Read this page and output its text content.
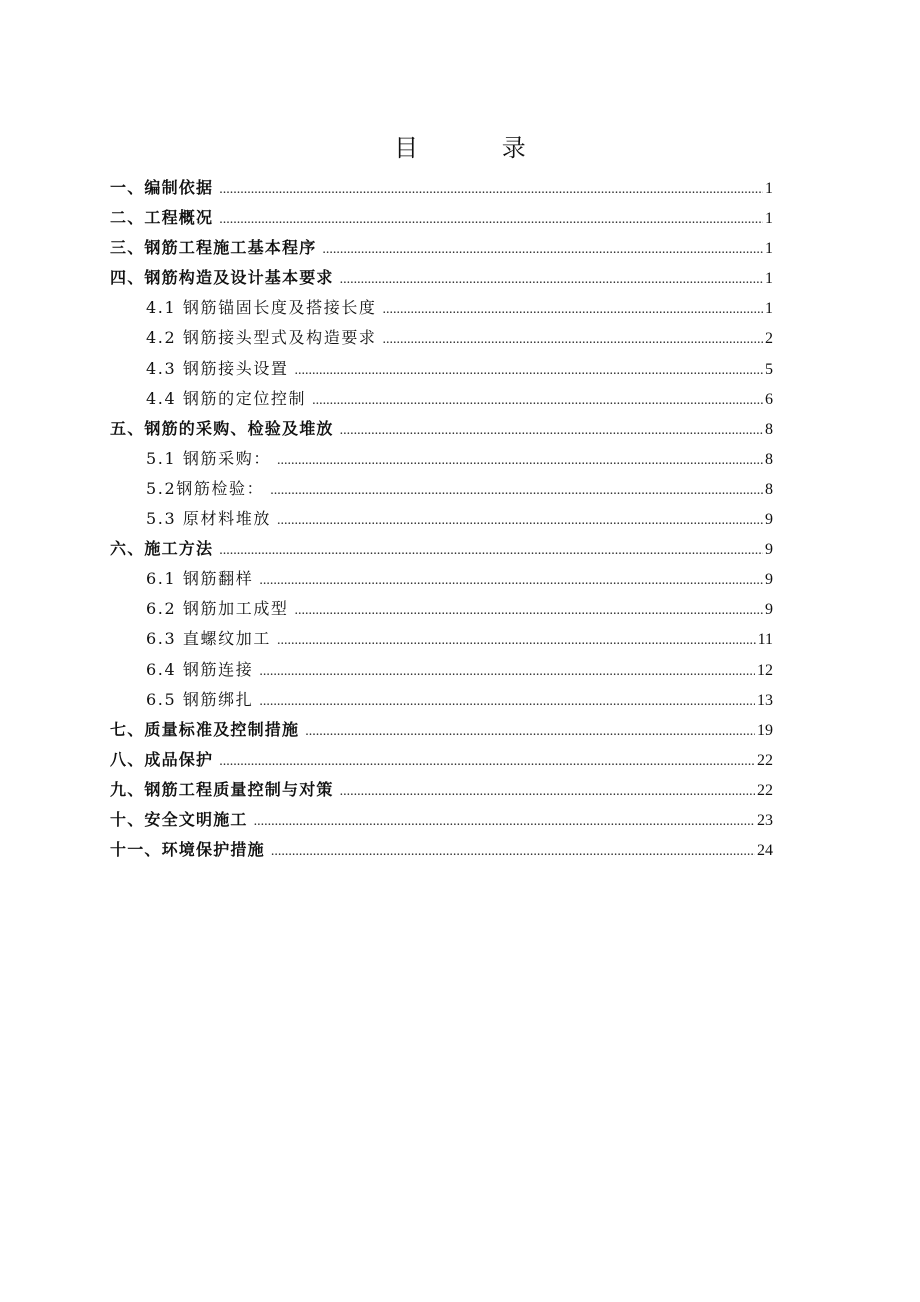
目 录
一、编制依据 .....	1
二、工程概况 .....	1
三、钢筋工程施工基本程序 .....	1
四、钢筋构造及设计基本要求 .....	1
4.1 钢筋锚固长度及搭接长度 .....	1
4.2 钢筋接头型式及构造要求 .....	2
4.3 钢筋接头设置 .....	5
4.4 钢筋的定位控制 .....	6
五、钢筋的采购、检验及堆放 .....	8
5.1 钢筋采购： .....	8
5.2钢筋检验： .....	8
5.3 原材料堆放 .....	9
六、施工方法 .....	9
6.1 钢筋翻样 .....	9
6.2 钢筋加工成型 .....	9
6.3 直螺纹加工 .....	11
6.4 钢筋连接 .....	12
6.5 钢筋绑扎 .....	13
七、质量标准及控制措施 .....	19
八、成品保护 .....	22
九、钢筋工程质量控制与对策 .....	22
十、安全文明施工 .....	23
十一、环境保护措施 .....	24
